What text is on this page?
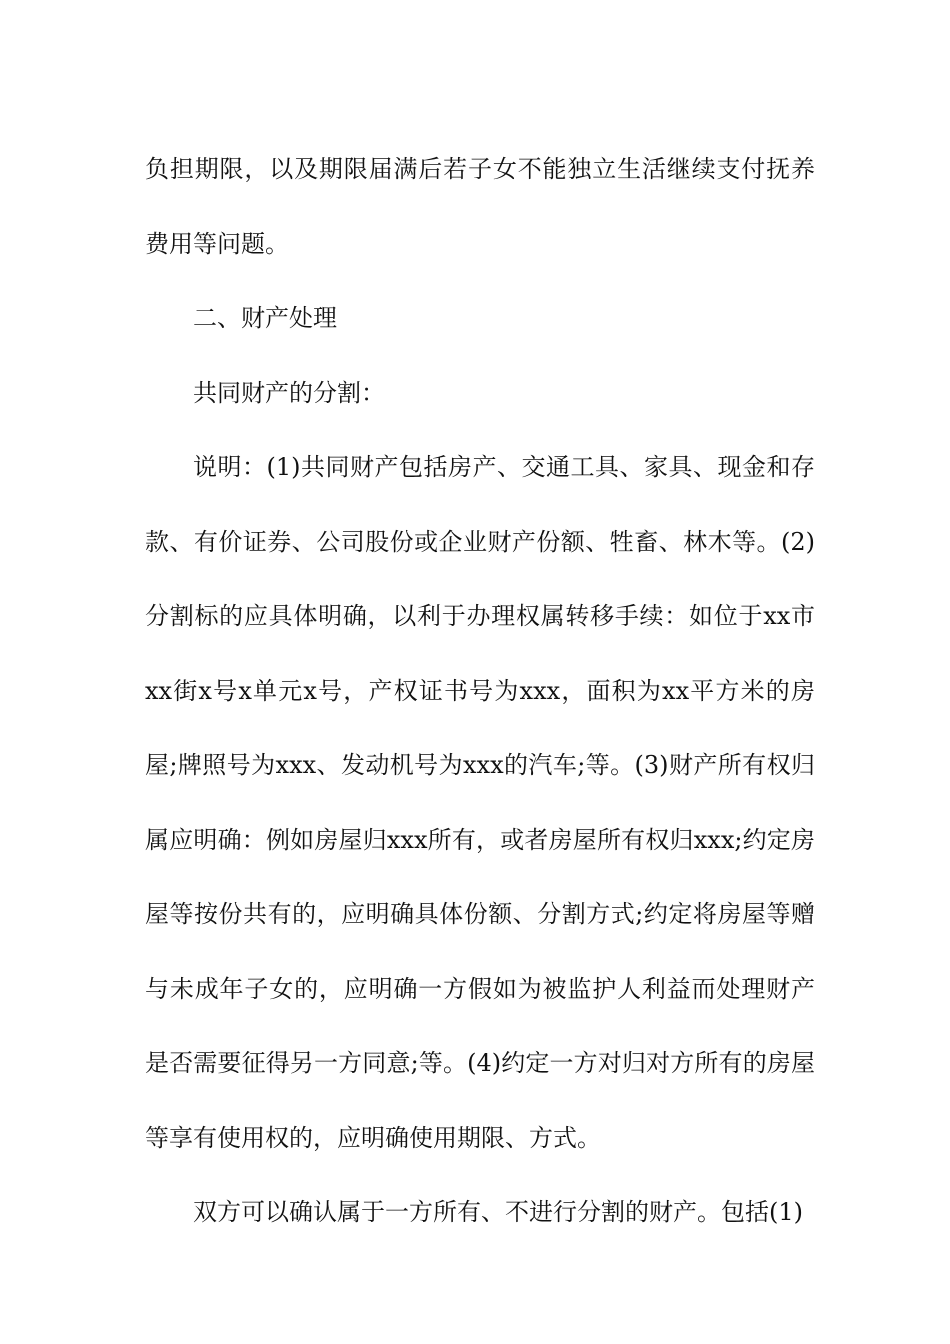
负担期限，以及期限届满后若子女不能独立生活继续支付抚养费用等问题。

二、财产处理

共同财产的分割：

说明：(1)共同财产包括房产、交通工具、家具、现金和存款、有价证券、公司股份或企业财产份额、牲畜、林木等。(2)分割标的应具体明确，以利于办理权属转移手续：如位于xx市xx街x号x单元x号，产权证书号为xxx，面积为xx平方米的房屋;牌照号为xxx、发动机号为xxx的汽车;等。(3)财产所有权归属应明确：例如房屋归xxx所有，或者房屋所有权归xxx;约定房屋等按份共有的，应明确具体份额、分割方式;约定将房屋等赠与未成年子女的，应明确一方假如为被监护人利益而处理财产是否需要征得另一方同意;等。(4)约定一方对归对方所有的房屋等享有使用权的，应明确使用期限、方式。

双方可以确认属于一方所有、不进行分割的财产。包括(1)
